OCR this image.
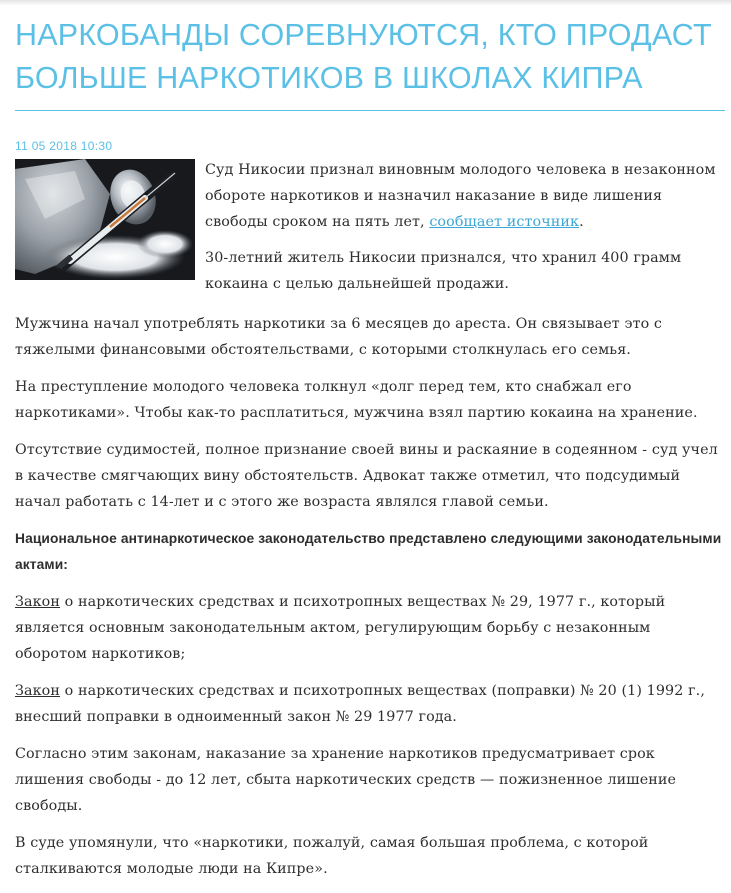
НАРКОБАНДЫ СОРЕВНУЮТСЯ, КТО ПРОДАСТ
БОЛЬШЕ НАРКОТИКОВ В ШКОЛАХ КИПРА
11 05 2018 10:30

Суд Никосии признал виновным молодого человека в незаконном обороте наркотиков и назначил наказание в виде лишения свободы сроком на пять лет, сообщает источник.

30-летний житель Никосии признался, что хранил 400 грамм кокаина с целью дальнейшей продажи.

Мужчина начал употреблять наркотики за 6 месяцев до ареста. Он связывает это с тяжелыми финансовыми обстоятельствами, с которыми столкнулась его семья.

На преступление молодого человека толкнул «долг перед тем, кто снабжал его наркотиками». Чтобы как-то расплатиться, мужчина взял партию кокаина на хранение.

Отсутствие судимостей, полное признание своей вины и раскаяние в содеянном - суд учел в качестве смягчающих вину обстоятельств. Адвокат также отметил, что подсудимый начал работать с 14-лет и с этого же возраста являлся главой семьи.

Национальное антинаркотическое законодательство представлено следующими законодательными актами:

Закон о наркотических средствах и психотропных веществах № 29, 1977 г., который является основным законодательным актом, регулирующим борьбу с незаконным оборотом наркотиков;

Закон о наркотических средствах и психотропных веществах (поправки) № 20 (1) 1992 г., внесший поправки в одноименный закон № 29 1977 года.

Согласно этим законам, наказание за хранение наркотиков предусматривает срок лишения свободы - до 12 лет, сбыта наркотических средств — пожизненное лишение свободы.

В суде упомянули, что «наркотики, пожалуй, самая большая проблема, с которой сталкиваются молодые люди на Кипре».
